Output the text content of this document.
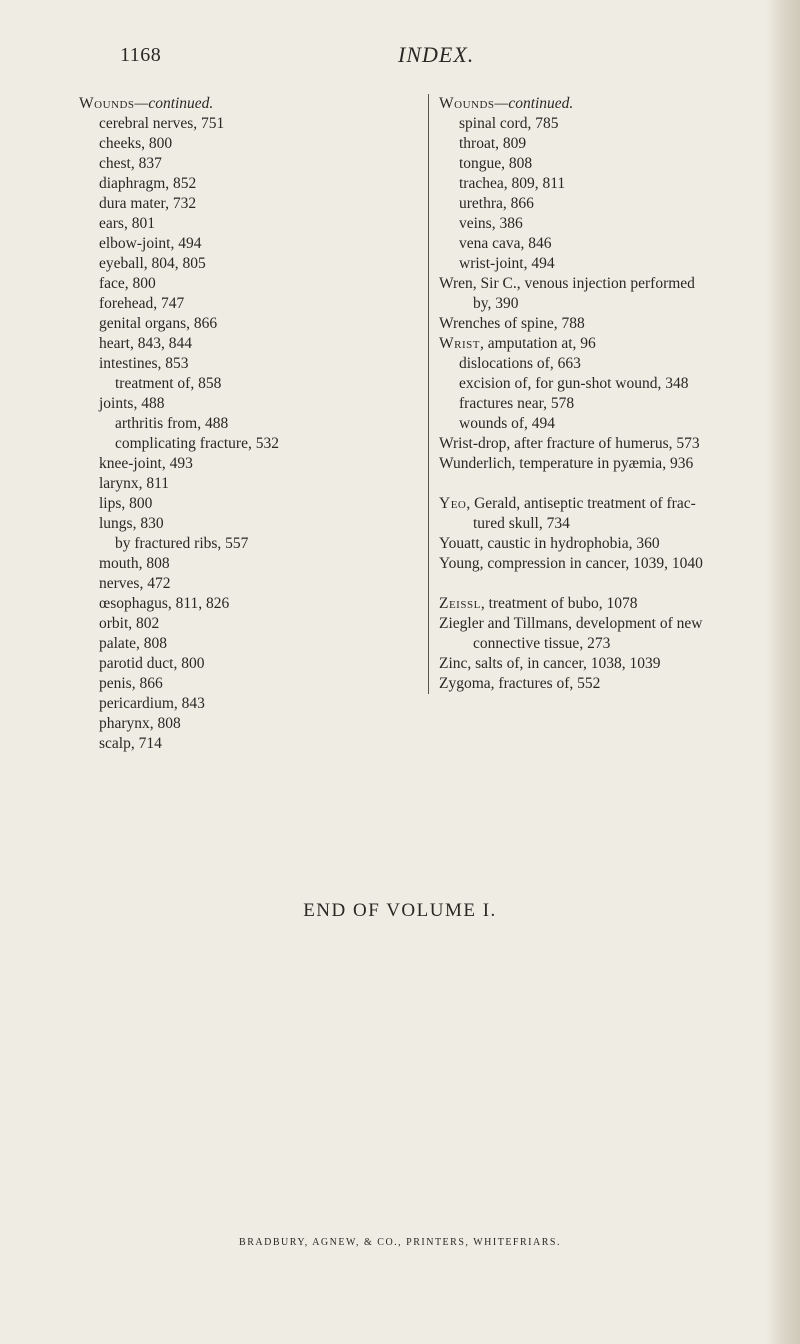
1168	INDEX.
Wounds—continued.
cerebral nerves, 751
cheeks, 800
chest, 837
diaphragm, 852
dura mater, 732
ears, 801
elbow-joint, 494
eyeball, 804, 805
face, 800
forehead, 747
genital organs, 866
heart, 843, 844
intestines, 853
treatment of, 858
joints, 488
arthritis from, 488
complicating fracture, 532
knee-joint, 493
larynx, 811
lips, 800
lungs, 830
by fractured ribs, 557
mouth, 808
nerves, 472
œsophagus, 811, 826
orbit, 802
palate, 808
parotid duct, 800
penis, 866
pericardium, 843
pharynx, 808
scalp, 714
Wounds—continued.
spinal cord, 785
throat, 809
tongue, 808
trachea, 809, 811
urethra, 866
veins, 386
vena cava, 846
wrist-joint, 494
Wren, Sir C., venous injection performed
by, 390
Wrenches of spine, 788
Wrist, amputation at, 96
dislocations of, 663
excision of, for gun-shot wound, 348
fractures near, 578
wounds of, 494
Wrist-drop, after fracture of humerus, 573
Wunderlich, temperature in pyæmia, 936
Yeo, Gerald, antiseptic treatment of frac-
tured skull, 734
Youatt, caustic in hydrophobia, 360
Young, compression in cancer, 1039, 1040
Zeissl, treatment of bubo, 1078
Ziegler and Tillmans, development of new
connective tissue, 273
Zinc, salts of, in cancer, 1038, 1039
Zygoma, fractures of, 552
END OF VOLUME I.
BRADBURY, AGNEW, & CO., PRINTERS, WHITEFRIARS.
